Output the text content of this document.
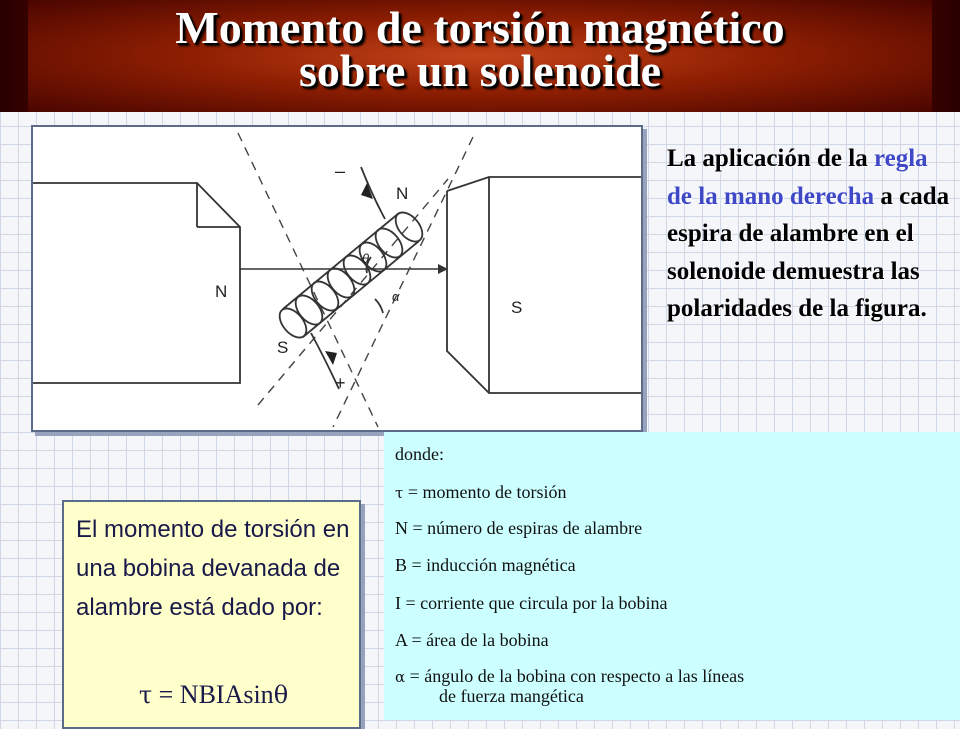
Momento de torsión magnético
sobre un solenoide
N
S
N
S
–
+
θ
α
La aplicación de la regla de la mano derecha a cada espira de alambre en el solenoide demuestra las polaridades de la figura.
donde:
τ = momento de torsión
N = número de espiras de alambre
B = inducción magnética
I = corriente que circula por la bobina
A = área de la bobina
α = ángulo de la bobina con respecto a las líneas
de fuerza mangética
El momento de torsión en una bobina devanada de alambre está dado por:
τ = NBIAsinθ
